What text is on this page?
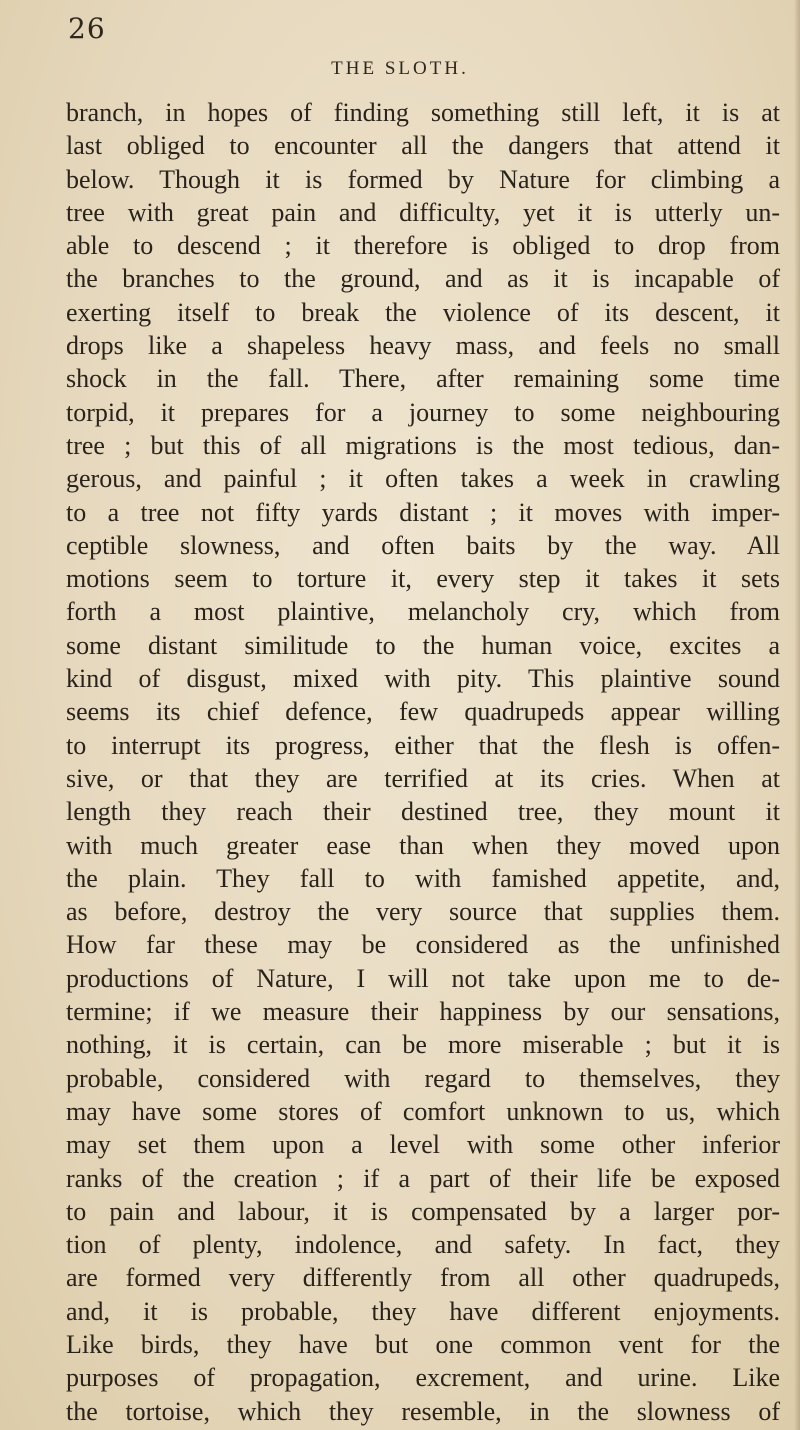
26
THE SLOTH.
branch, in hopes of finding something still left, it is at
last obliged to encounter all the dangers that attend it
below. Though it is formed by Nature for climbing a
tree with great pain and difficulty, yet it is utterly un-
able to descend ; it therefore is obliged to drop from
the branches to the ground, and as it is incapable of
exerting itself to break the violence of its descent, it
drops like a shapeless heavy mass, and feels no small
shock in the fall. There, after remaining some time
torpid, it prepares for a journey to some neighbouring
tree ; but this of all migrations is the most tedious, dan-
gerous, and painful ; it often takes a week in crawling
to a tree not fifty yards distant ; it moves with imper-
ceptible slowness, and often baits by the way. All
motions seem to torture it, every step it takes it sets
forth a most plaintive, melancholy cry, which from
some distant similitude to the human voice, excites a
kind of disgust, mixed with pity. This plaintive sound
seems its chief defence, few quadrupeds appear willing
to interrupt its progress, either that the flesh is offen-
sive, or that they are terrified at its cries. When at
length they reach their destined tree, they mount it
with much greater ease than when they moved upon
the plain. They fall to with famished appetite, and,
as before, destroy the very source that supplies them.
How far these may be considered as the unfinished
productions of Nature, I will not take upon me to de-
termine; if we measure their happiness by our sensations,
nothing, it is certain, can be more miserable ; but it is
probable, considered with regard to themselves, they
may have some stores of comfort unknown to us, which
may set them upon a level with some other inferior
ranks of the creation ; if a part of their life be exposed
to pain and labour, it is compensated by a larger por-
tion of plenty, indolence, and safety. In fact, they
are formed very differently from all other quadrupeds,
and, it is probable, they have different enjoyments.
Like birds, they have but one common vent for the
purposes of propagation, excrement, and urine. Like
the tortoise, which they resemble, in the slowness of
